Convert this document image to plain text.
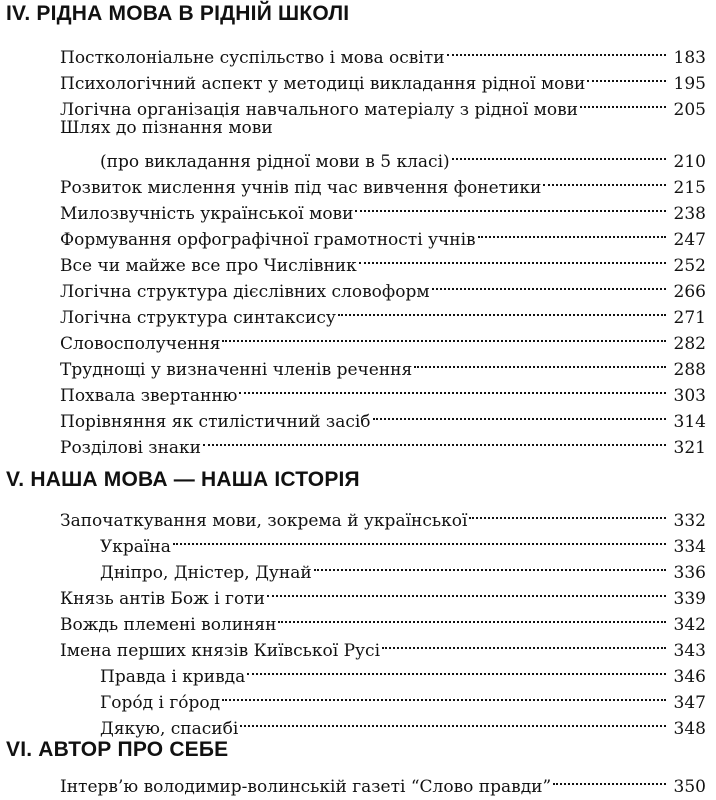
IV. РІДНА МОВА В РІДНІЙ ШКОЛІ
Постколоніальне суспільство і мова освіти	183
Психологічний аспект у методиці викладання рідної мови	195
Логічна організація навчального матеріалу з рідної мови	205
Шлях до пізнання мови
(про викладання рідної мови в 5 класі)	210
Розвиток мислення учнів під час вивчення фонетики	215
Милозвучність української мови	238
Формування орфографічної грамотності учнів	247
Все чи майже все про Числівник	252
Логічна структура дієслівних словоформ	266
Логічна структура синтаксису	271
Словосполучення	282
Труднощі у визначенні членів речення	288
Похвала звертанню	303
Порівняння як стилістичний засіб	314
Розділові знаки	321
V. НАША МОВА — НАША ІСТОРІЯ
Започаткування мови, зокрема й української	332
Україна	334
Дніпро, Дністер, Дунай	336
Князь антів Бож і готи	339
Вождь племені волинян	342
Імена перших князів Київської Русі	343
Правда і кривда	346
Горо́д і го́род	347
Дякую, спасибі	348
VI. АВТОР ПРО СЕБЕ
Інтерв’ю володимир-волинській газеті “Слово правди”	350
